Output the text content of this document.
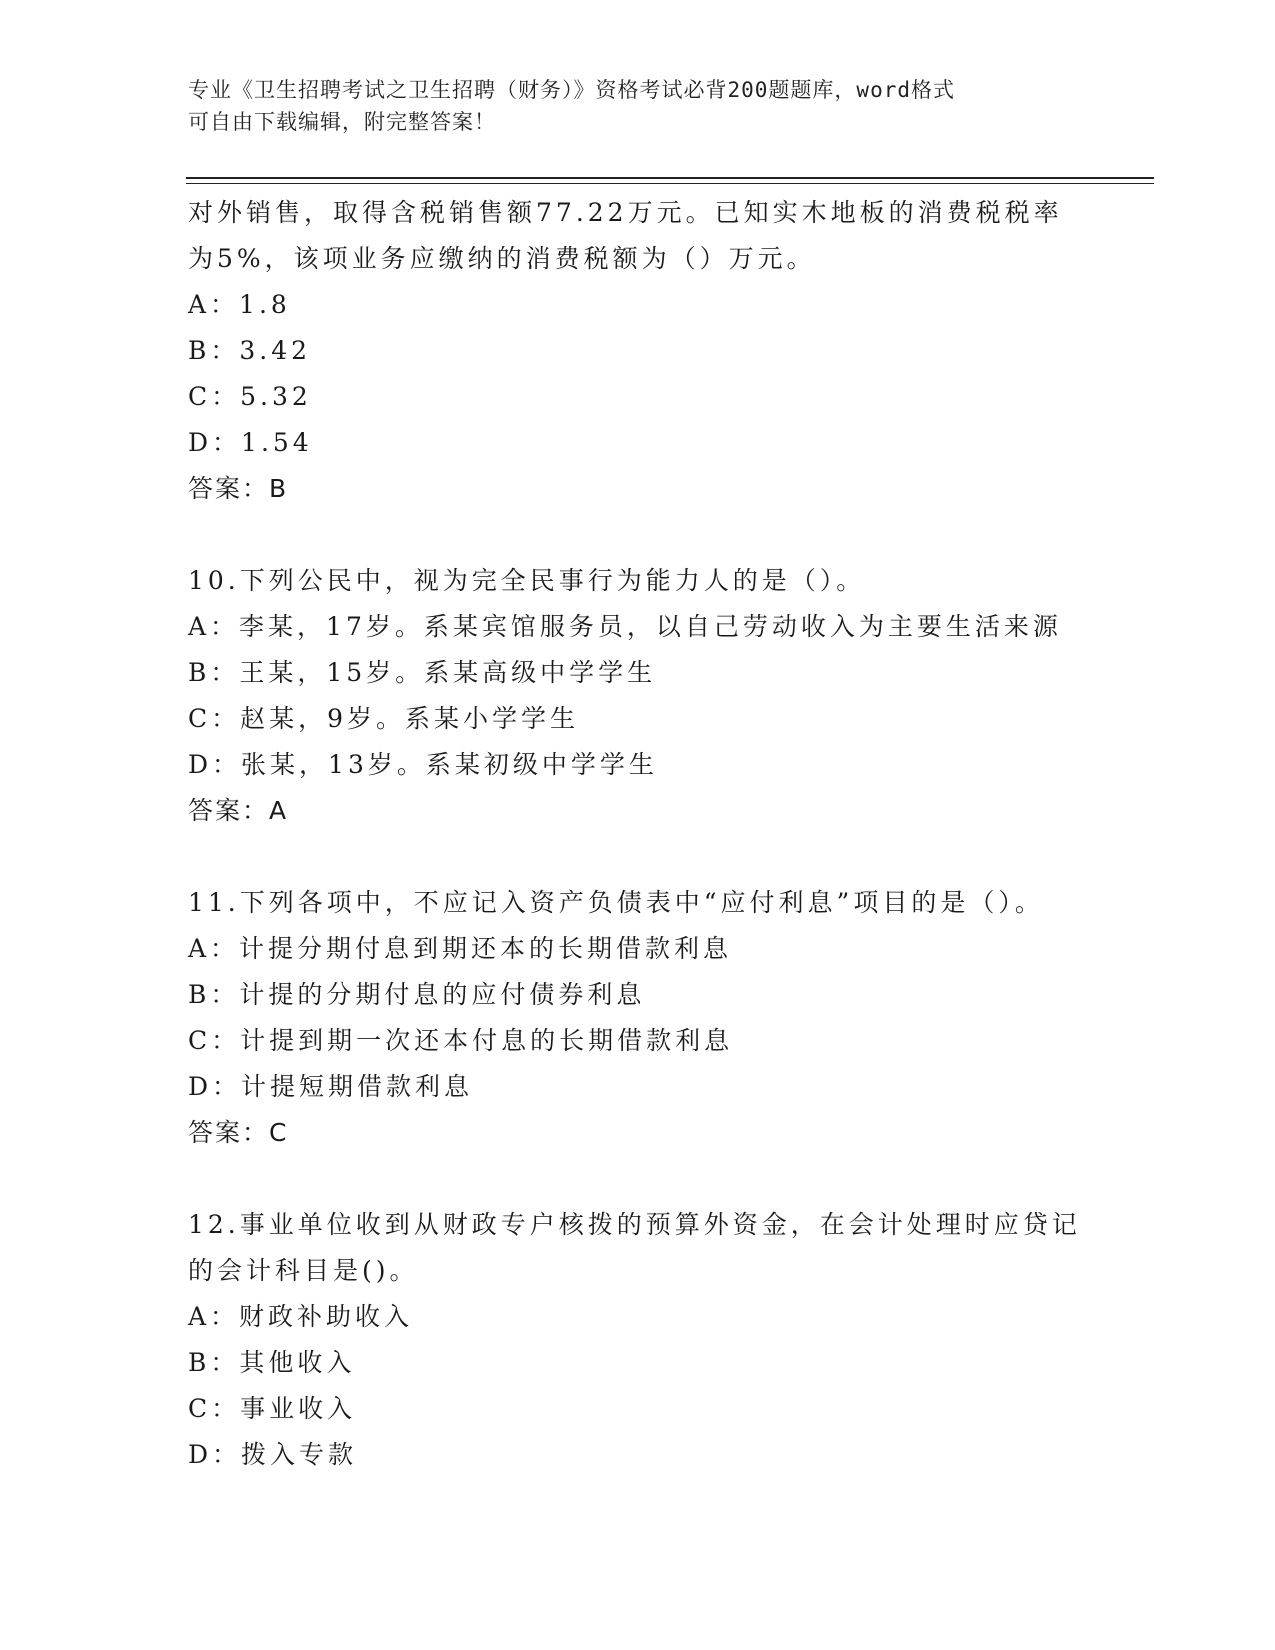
专业《卫生招聘考试之卫生招聘（财务）》资格考试必背200题题库，word格式
可自由下载编辑，附完整答案！
对外销售，取得含税销售额77.22万元。已知实木地板的消费税税率
为5%，该项业务应缴纳的消费税额为（）万元。
A：1.8
B：3.42
C：5.32
D：1.54
答案：B
10.下列公民中，视为完全民事行为能力人的是（）。
A：李某，17岁。系某宾馆服务员，以自己劳动收入为主要生活来源
B：王某，15岁。系某高级中学学生
C：赵某，9岁。系某小学学生
D：张某，13岁。系某初级中学学生
答案：A
11.下列各项中，不应记入资产负债表中“应付利息”项目的是（）。
A：计提分期付息到期还本的长期借款利息
B：计提的分期付息的应付债券利息
C：计提到期一次还本付息的长期借款利息
D：计提短期借款利息
答案：C
12.事业单位收到从财政专户核拨的预算外资金，在会计处理时应贷记
的会计科目是()。
A：财政补助收入
B：其他收入
C：事业收入
D：拨入专款
